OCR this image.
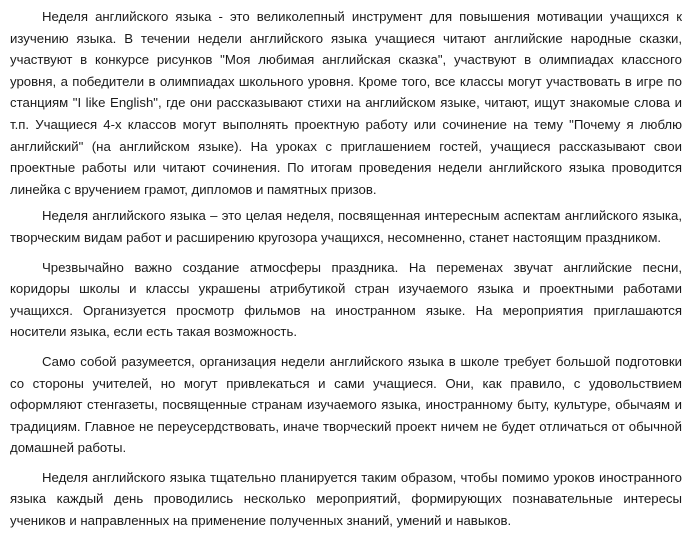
Неделя английского языка - это великолепный инструмент для повышения мотивации учащихся к изучению языка. В течении недели английского языка учащиеся читают английские народные сказки, участвуют в конкурсе рисунков "Моя любимая английская сказка", участвуют в олимпиадах классного уровня, а победители в олимпиадах школьного уровня. Кроме того, все классы могут участвовать в игре по станциям "I like English", где они рассказывают стихи на английском языке, читают, ищут знакомые слова и т.п. Учащиеся 4-х классов могут выполнять проектную работу или сочинение на тему "Почему я люблю английский" (на английском языке). На уроках с приглашением гостей, учащиеся рассказывают свои проектные работы или читают сочинения. По итогам проведения недели английского языка проводится линейка с вручением грамот, дипломов и памятных призов.

Неделя английского языка – это целая неделя, посвященная интересным аспектам английского языка, творческим видам работ и расширению кругозора учащихся, несомненно, станет настоящим праздником.

Чрезвычайно важно создание атмосферы праздника. На переменах звучат английские песни, коридоры школы и классы украшены атрибутикой стран изучаемого языка и проектными работами учащихся. Организуется просмотр фильмов на иностранном языке. На мероприятия приглашаются носители языка, если есть такая возможность.

Само собой разумеется, организация недели английского языка в школе требует большой подготовки со стороны учителей, но могут привлекаться и сами учащиеся. Они, как правило, с удовольствием оформляют стенгазеты, посвященные странам изучаемого языка, иностранному быту, культуре, обычаям и традициям. Главное не переусердствовать, иначе творческий проект ничем не будет отличаться от обычной домашней работы.

Неделя английского языка тщательно планируется таким образом, чтобы помимо уроков иностранного языка каждый день проводились несколько мероприятий, формирующих познавательные интересы учеников и направленных на применение полученных знаний, умений и навыков.
